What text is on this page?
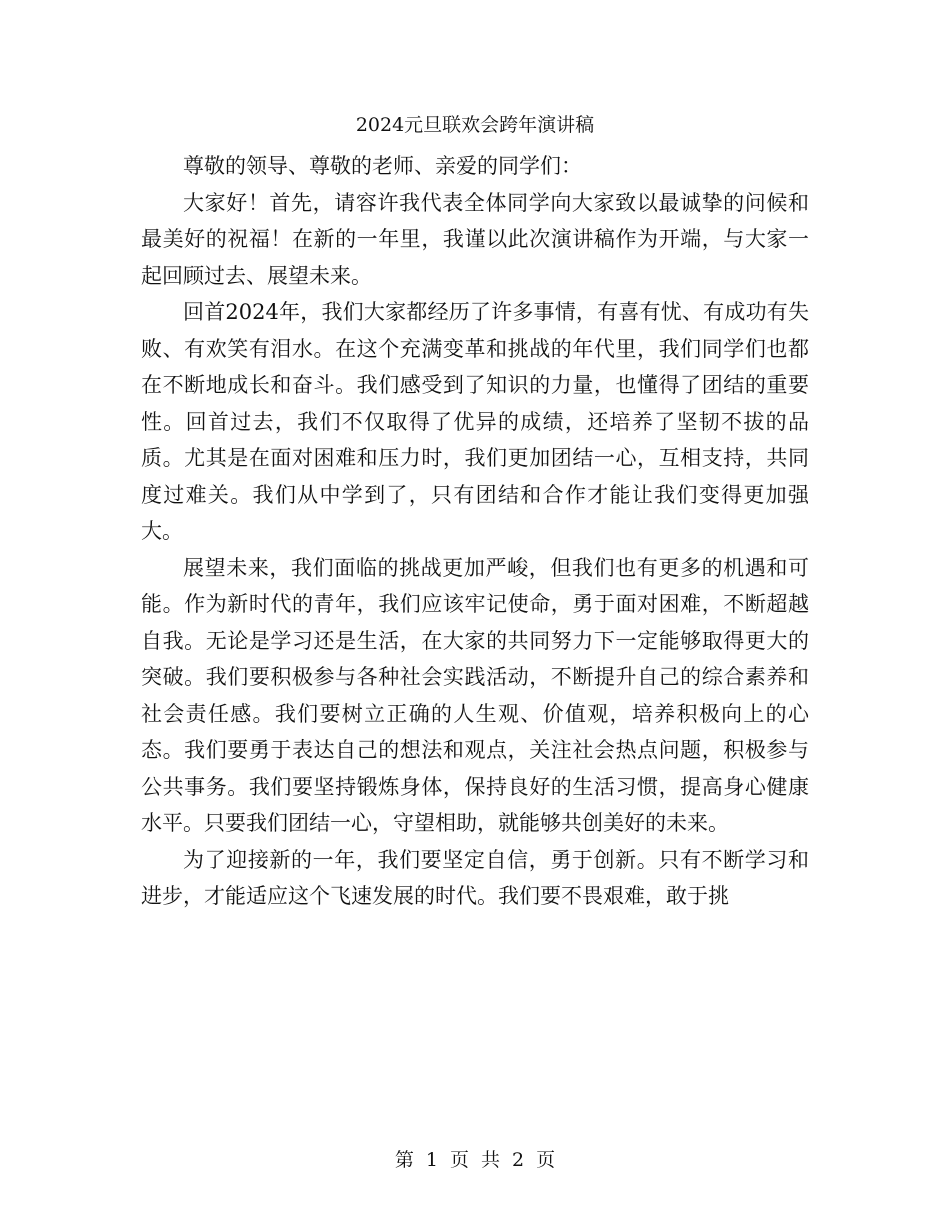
2024元旦联欢会跨年演讲稿

尊敬的领导、尊敬的老师、亲爱的同学们：

大家好！首先，请容许我代表全体同学向大家致以最诚挚的问候和最美好的祝福！在新的一年里，我谨以此次演讲稿作为开端，与大家一起回顾过去、展望未来。

回首2024年，我们大家都经历了许多事情，有喜有忧、有成功有失败、有欢笑有泪水。在这个充满变革和挑战的年代里，我们同学们也都在不断地成长和奋斗。我们感受到了知识的力量，也懂得了团结的重要性。回首过去，我们不仅取得了优异的成绩，还培养了坚韧不拔的品质。尤其是在面对困难和压力时，我们更加团结一心，互相支持，共同度过难关。我们从中学到了，只有团结和合作才能让我们变得更加强大。

展望未来，我们面临的挑战更加严峻，但我们也有更多的机遇和可能。作为新时代的青年，我们应该牢记使命，勇于面对困难，不断超越自我。无论是学习还是生活，在大家的共同努力下一定能够取得更大的突破。我们要积极参与各种社会实践活动，不断提升自己的综合素养和社会责任感。我们要树立正确的人生观、价值观，培养积极向上的心态。我们要勇于表达自己的想法和观点，关注社会热点问题，积极参与公共事务。我们要坚持锻炼身体，保持良好的生活习惯，提高身心健康水平。只要我们团结一心，守望相助，就能够共创美好的未来。

为了迎接新的一年，我们要坚定自信，勇于创新。只有不断学习和进步，才能适应这个飞速发展的时代。我们要不畏艰难，敢于挑

第 1 页 共 2 页
